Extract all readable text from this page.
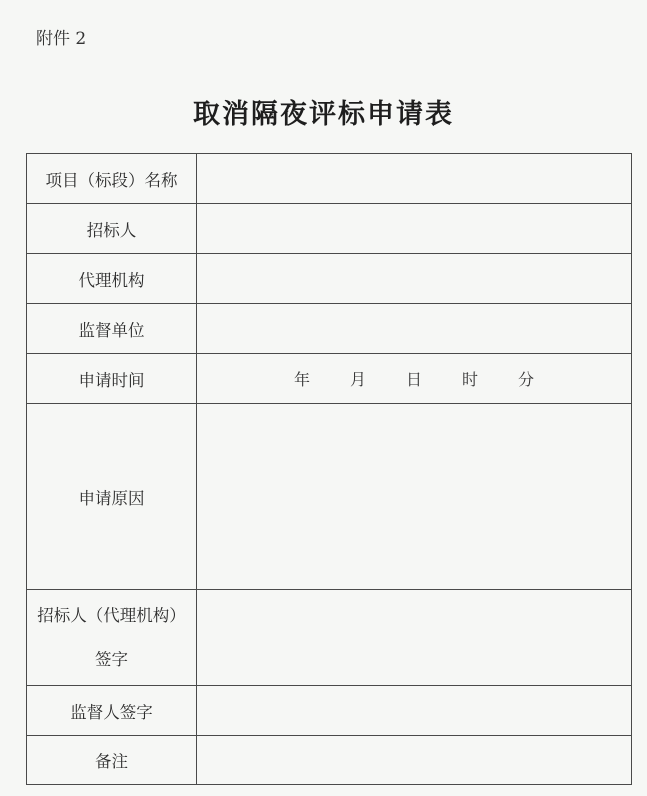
附件 2
取消隔夜评标申请表
项目（标段）名称	
招标人	
代理机构	
监督单位	
申请时间	年 月 日 时 分

申请原因	

招标人（代理机构）
签字	

监督人签字	
备注	
